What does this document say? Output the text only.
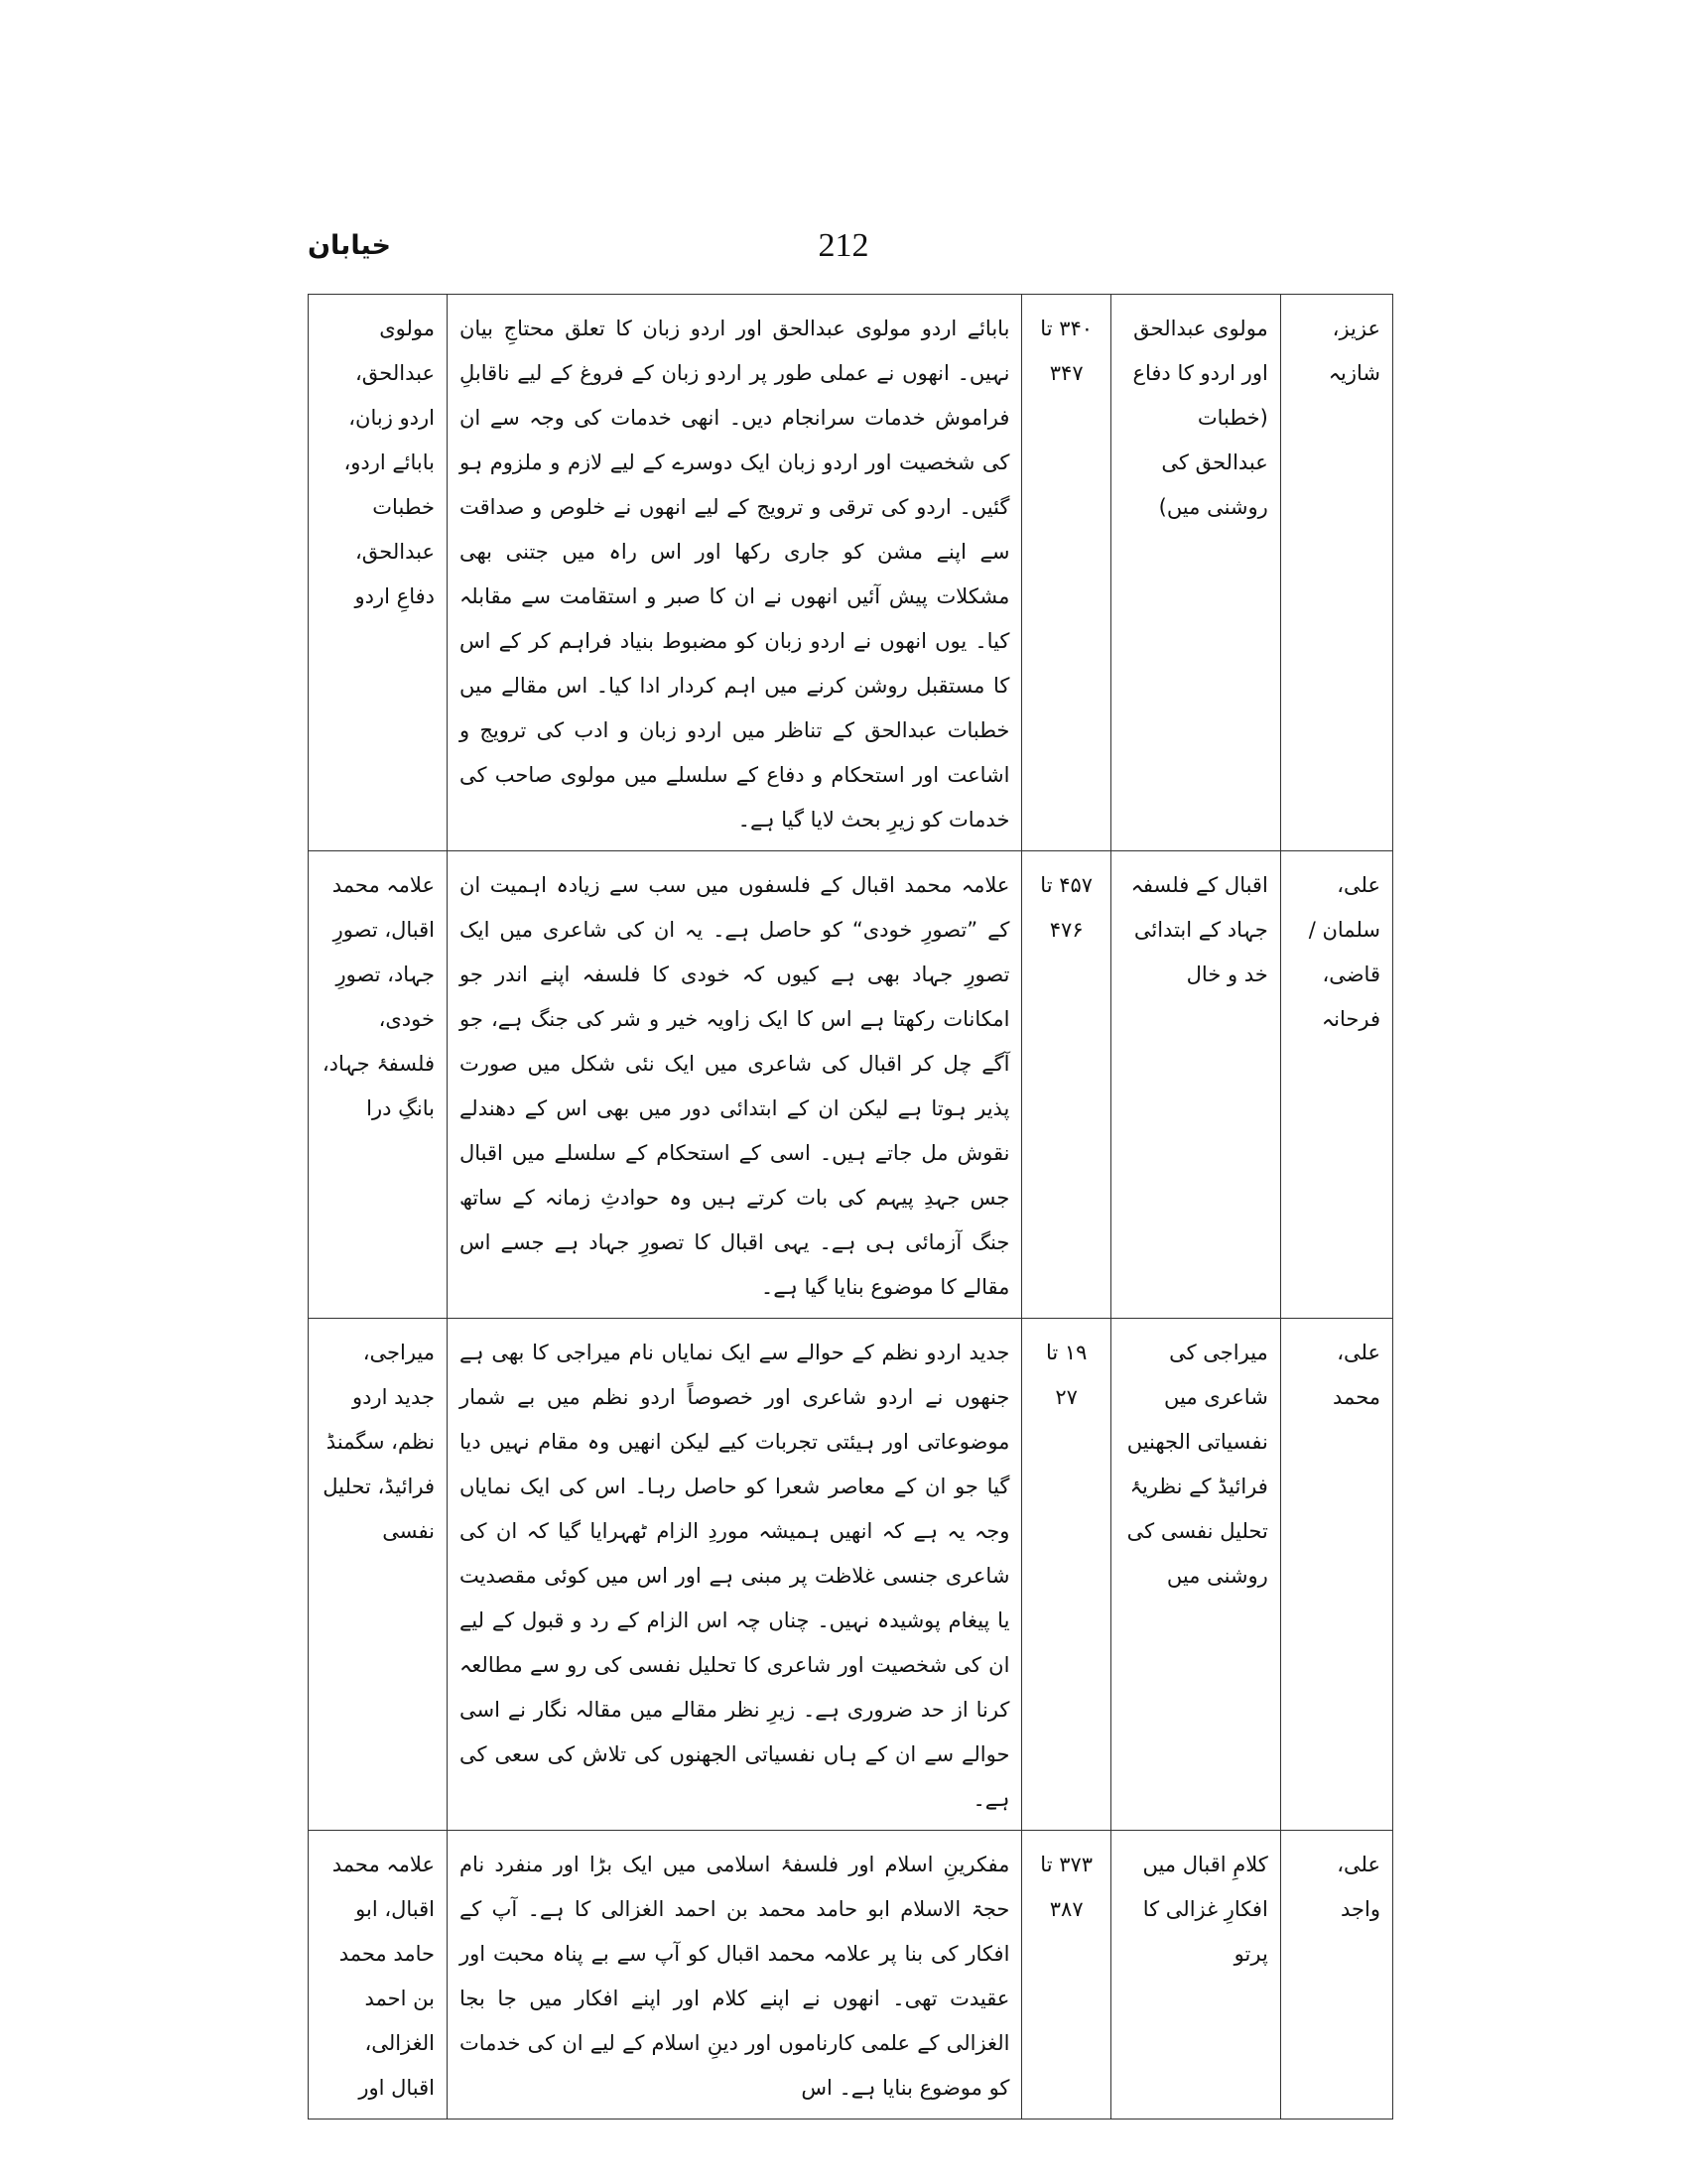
خیابان	212
عزیز، شازیہ	مولوی عبدالحق اور اردو کا دفاع (خطبات عبدالحق کی روشنی میں)	۳۴۰ تا ۳۴۷	بابائے اردو مولوی عبدالحق اور اردو زبان کا تعلق محتاجِ بیان نہیں۔ انھوں نے عملی طور پر اردو زبان کے فروغ کے لیے ناقابلِ فراموش خدمات سرانجام دیں۔ انھی خدمات کی وجہ سے ان کی شخصیت اور اردو زبان ایک دوسرے کے لیے لازم و ملزوم ہو گئیں۔ اردو کی ترقی و ترویج کے لیے انھوں نے خلوص و صداقت سے اپنے مشن کو جاری رکھا اور اس راہ میں جتنی بھی مشکلات پیش آئیں انھوں نے ان کا صبر و استقامت سے مقابلہ کیا۔ یوں انھوں نے اردو زبان کو مضبوط بنیاد فراہم کر کے اس کا مستقبل روشن کرنے میں اہم کردار ادا کیا۔ اس مقالے میں خطبات عبدالحق کے تناظر میں اردو زبان و ادب کی ترویج و اشاعت اور استحکام و دفاع کے سلسلے میں مولوی صاحب کی خدمات کو زیرِ بحث لایا گیا ہے۔	مولوی عبدالحق، اردو زبان، بابائے اردو، خطبات عبدالحق، دفاعِ اردو
علی، سلمان / قاضی، فرحانہ	اقبال کے فلسفہ جہاد کے ابتدائی خد و خال	۴۵۷ تا ۴۷۶	علامہ محمد اقبال کے فلسفوں میں سب سے زیادہ اہمیت ان کے ”تصورِ خودی“ کو حاصل ہے۔ یہ ان کی شاعری میں ایک تصورِ جہاد بھی ہے کیوں کہ خودی کا فلسفہ اپنے اندر جو امکانات رکھتا ہے اس کا ایک زاویہ خیر و شر کی جنگ ہے، جو آگے چل کر اقبال کی شاعری میں ایک نئی شکل میں صورت پذیر ہوتا ہے لیکن ان کے ابتدائی دور میں بھی اس کے دھندلے نقوش مل جاتے ہیں۔ اسی کے استحکام کے سلسلے میں اقبال جس جہدِ پیہم کی بات کرتے ہیں وہ حوادثِ زمانہ کے ساتھ جنگ آزمائی ہی ہے۔ یہی اقبال کا تصورِ جہاد ہے جسے اس مقالے کا موضوع بنایا گیا ہے۔	علامہ محمد اقبال، تصورِ جہاد، تصورِ خودی، فلسفۂ جہاد، بانگِ درا
علی، محمد	میراجی کی شاعری میں نفسیاتی الجھنیں فرائیڈ کے نظریۂ تحلیل نفسی کی روشنی میں	۱۹ تا ۲۷	جدید اردو نظم کے حوالے سے ایک نمایاں نام میراجی کا بھی ہے جنھوں نے اردو شاعری اور خصوصاً اردو نظم میں بے شمار موضوعاتی اور ہیئتی تجربات کیے لیکن انھیں وہ مقام نہیں دیا گیا جو ان کے معاصر شعرا کو حاصل رہا۔ اس کی ایک نمایاں وجہ یہ ہے کہ انھیں ہمیشہ موردِ الزام ٹھہرایا گیا کہ ان کی شاعری جنسی غلاظت پر مبنی ہے اور اس میں کوئی مقصدیت یا پیغام پوشیدہ نہیں۔ چناں چہ اس الزام کے رد و قبول کے لیے ان کی شخصیت اور شاعری کا تحلیل نفسی کی رو سے مطالعہ کرنا از حد ضروری ہے۔ زیرِ نظر مقالے میں مقالہ نگار نے اسی حوالے سے ان کے ہاں نفسیاتی الجھنوں کی تلاش کی سعی کی ہے۔	میراجی، جدید اردو نظم، سگمنڈ فرائیڈ، تحلیل نفسی
علی، واجد	کلامِ اقبال میں افکارِ غزالی کا پرتو	۳۷۳ تا ۳۸۷	مفکرینِ اسلام اور فلسفۂ اسلامی میں ایک بڑا اور منفرد نام حجۃ الاسلام ابو حامد محمد بن احمد الغزالی کا ہے۔ آپ کے افکار کی بنا پر علامہ محمد اقبال کو آپ سے بے پناہ محبت اور عقیدت تھی۔ انھوں نے اپنے کلام اور اپنے افکار میں جا بجا الغزالی کے علمی کارناموں اور دینِ اسلام کے لیے ان کی خدمات کو موضوع بنایا ہے۔ اس	علامہ محمد اقبال، ابو حامد محمد بن احمد الغزالی، اقبال اور
